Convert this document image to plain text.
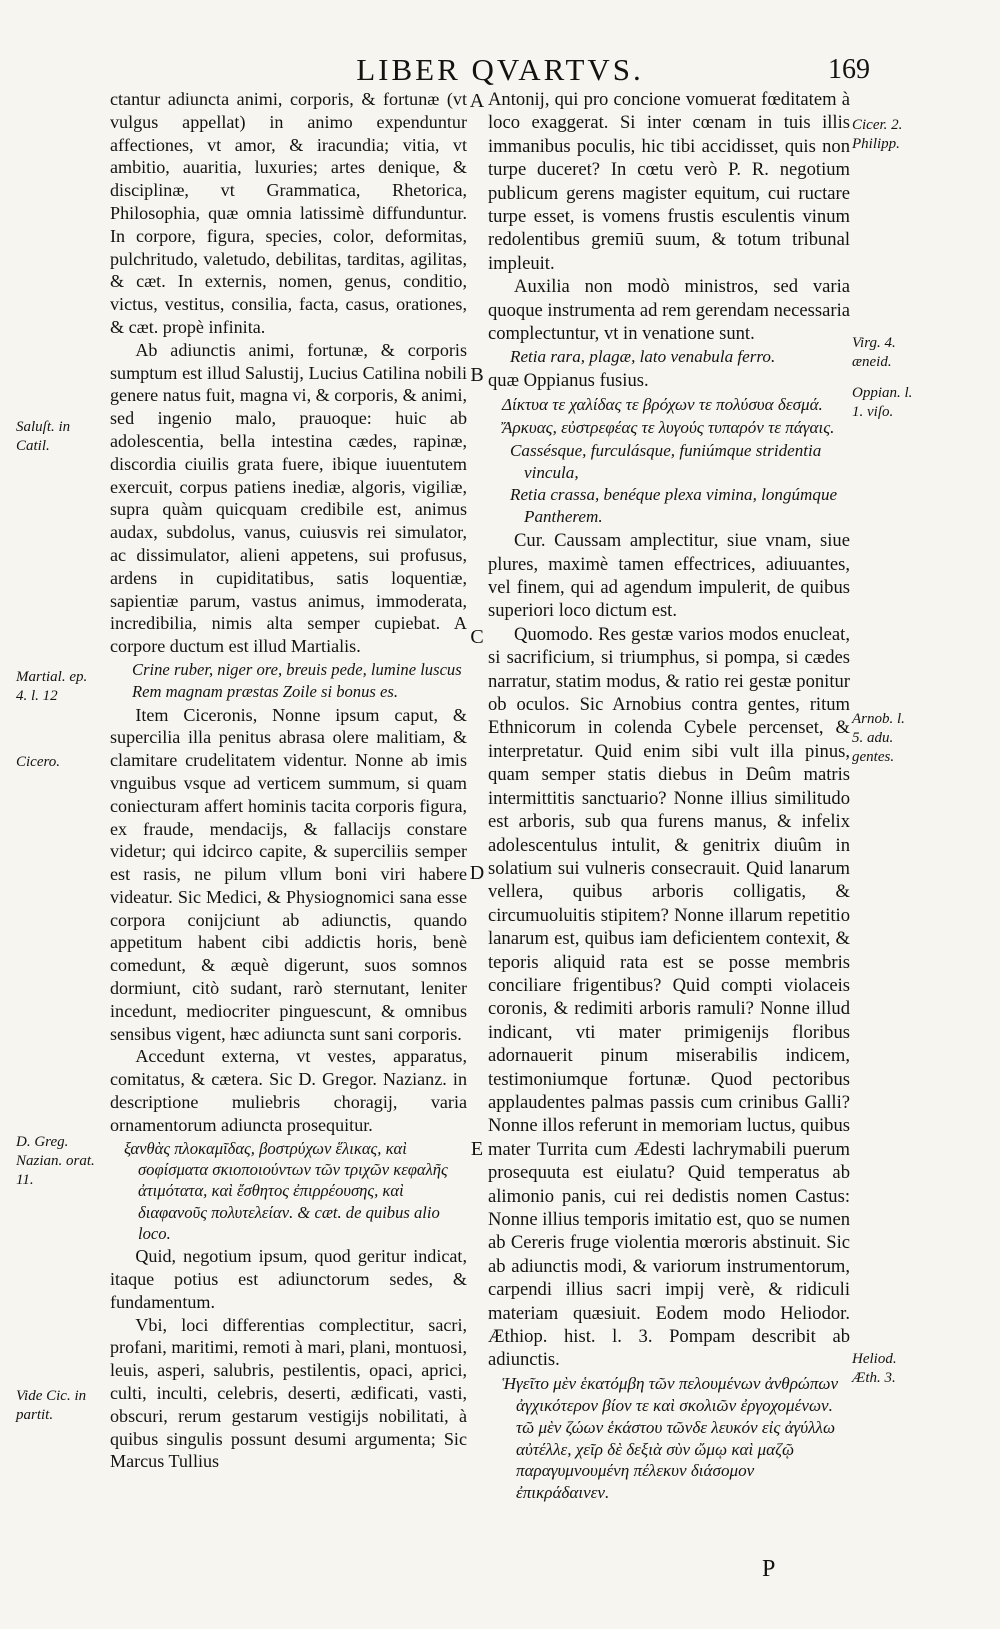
LIBER QVARTVS.	169

ctantur adiuncta animi, corporis, & fortunæ (vt vulgus appellat) in animo expenduntur affectiones, vt amor, & iracundia; vitia, vt ambitio, auaritia, luxuries; artes denique, & disciplinæ, vt Grammatica, Rhetorica, Philosophia, quæ omnia latissimè diffunduntur. In corpore, figura, species, color, deformitas, pulchritudo, valetudo, debilitas, tarditas, agilitas, & cæt. In externis, nomen, genus, conditio, victus, vestitus, consilia, facta, casus, orationes, & cæt. propè infinita.

Ab adiunctis animi, fortunæ, & corporis sumptum est illud Salustij, Lucius Catilina nobili genere natus fuit, magna vi, & corporis, & animi, sed ingenio malo, prauoque: huic ab adolescentia, bella intestina cædes, rapinæ, discordia ciuilis grata fuere, ibique iuuentutem exercuit, corpus patiens inediæ, algoris, vigiliæ, supra quàm quicquam credibile est, animus audax, subdolus, vanus, cuiusvis rei simulator, ac dissimulator, alieni appetens, sui profusus, ardens in cupiditatibus, satis loquentiæ, sapientiæ parum, vastus animus, immoderata, incredibilia, nimis alta semper cupiebat. A corpore ductum est illud Martialis.

Crine ruber, niger ore, breuis pede, lumine luscus
Rem magnam præstas Zoile si bonus es.

Item Ciceronis, Nonne ipsum caput, & supercilia illa penitus abrasa olere malitiam, & clamitare crudelitatem videntur. Nonne ab imis vnguibus vsque ad verticem summum, si quam coniecturam affert hominis tacita corporis figura, ex fraude, mendacijs, & fallacijs constare videtur; qui idcirco capite, & superciliis semper est rasis, ne pilum vllum boni viri habere videatur. Sic Medici, & Physiognomici sana esse corpora conijciunt ab adiunctis, quando appetitum habent cibi addictis horis, benè comedunt, & æquè digerunt, suos somnos dormiunt, citò sudant, rarò sternutant, leniter incedunt, mediocriter pinguescunt, & omnibus sensibus vigent, hæc adiuncta sunt sani corporis.

Accedunt externa, vt vestes, apparatus, comitatus, & cætera. Sic D. Gregor. Nazianz. in descriptione muliebris choragij, varia ornamentorum adiuncta prosequitur.

ξανθὰς πλοκαμῖδας, βοστρύχων ἕλικας, καὶ σοφίσματα σκιοποιούντων τῶν τριχῶν κεφαλῆς ἀτιμότατα, καὶ ἔσθητος ἐπιρρέουσης, καὶ διαφανοῦς πολυτελείαν. & cæt. de quibus alio loco.

Quid, negotium ipsum, quod geritur indicat, itaque potius est adiunctorum sedes, & fundamentum.

Vbi, loci differentias complectitur, sacri, profani, maritimi, remoti à mari, plani, montuosi, leuis, asperi, salubris, pestilentis, opaci, aprici, culti, inculti, celebris, deserti, ædificati, vasti, obscuri, rerum gestarum vestigijs nobilitati, à quibus singulis possunt desumi argumenta; Sic Marcus Tullius

Antonij, qui pro concione vomuerat fœditatem à loco exaggerat. Si inter cœnam in tuis illis immanibus poculis, hic tibi accidisset, quis non turpe duceret? In cœtu verò P. R. negotium publicum gerens magister equitum, cui ructare turpe esset, is vomens frustis esculentis vinum redolentibus gremiū suum, & totum tribunal impleuit.

Auxilia non modò ministros, sed varia quoque instrumenta ad rem gerendam necessaria complectuntur, vt in venatione sunt.

Retia rara, plagæ, lato venabula ferro.

quæ Oppianus fusius.

Δίκτυα τε χαλίδας τε βρόχων τε πολύσυα δεσμά.
Ἄρκυας, εὐστρεφέας τε λυγούς τυπαρόν τε πάγαις.
Cassésque, furculásque, funiúmque stridentia vincula,
Retia crassa, benéque plexa vimina, longúmque Pantherem.

Cur. Caussam amplectitur, siue vnam, siue plures, maximè tamen effectrices, adiuuantes, vel finem, qui ad agendum impulerit, de quibus superiori loco dictum est.

Quomodo. Res gestæ varios modos enucleat, si sacrificium, si triumphus, si pompa, si cædes narratur, statim modus, & ratio rei gestæ ponitur ob oculos. Sic Arnobius contra gentes, ritum Ethnicorum in colenda Cybele percenset, & interpretatur. Quid enim sibi vult illa pinus, quam semper statis diebus in Deûm matris intermittitis sanctuario? Nonne illius similitudo est arboris, sub qua furens manus, & infelix adolescentulus intulit, & genitrix diuûm in solatium sui vulneris consecrauit. Quid lanarum vellera, quibus arboris colligatis, & circumuoluitis stipitem? Nonne illarum repetitio lanarum est, quibus iam deficientem contexit, & teporis aliquid rata est se posse membris conciliare frigentibus? Quid compti violaceis coronis, & redimiti arboris ramuli? Nonne illud indicant, vti mater primigenijs floribus adornauerit pinum miserabilis indicem, testimoniumque fortunæ. Quod pectoribus applaudentes palmas passis cum crinibus Galli? Nonne illos referunt in memoriam luctus, quibus mater Turrita cum Ædesti lachrymabili puerum prosequuta est eiulatu? Quid temperatus ab alimonio panis, cui rei dedistis nomen Castus: Nonne illius temporis imitatio est, quo se numen ab Cereris fruge violentia mœroris abstinuit. Sic ab adiunctis modi, & variorum instrumentorum, carpendi illius sacri impij verè, & ridiculi materiam quæsiuit. Eodem modo Heliodor. Æthiop. hist. l. 3. Pompam describit ab adiunctis.

Ἡγεῖτο μὲν ἑκατόμβη τῶν πελουμένων ἀνθρώπων ἀγχικότερον βίον τε καὶ σκολιῶν ἐργοχομένων. τῶ μὲν ζώων ἑκάστου τῶνδε λευκόν εἰς ἀγύλλω αὐτέλλε, χεῖρ δὲ δεξιὰ σὺν ὤμῳ καὶ μαζῷ παραγυμνουμένη πέλεκυν διάσομον ἐπικράδαινεν.
Saluſt. in Catil.
Martial. ep. 4. l. 12
Cicero.
D. Greg. Nazian. orat. 11.
Vide Cic. in partit.
Cicer. 2. Philipp.
Virg. 4. æneid.
Oppian. l. 1. viſo.
Arnob. l. 5. adu. gentes.
Heliod. Æth. 3.
A
B
C
D
E
P
